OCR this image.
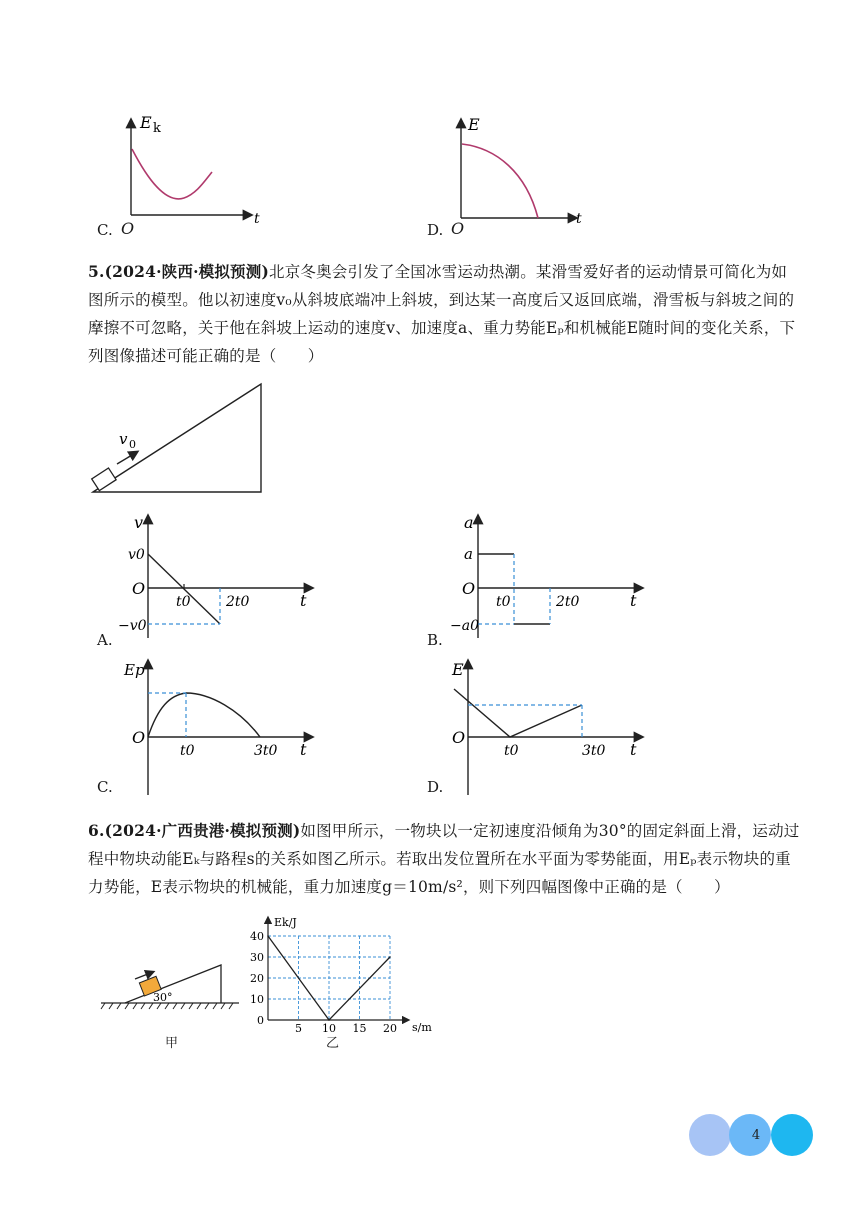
E k
t
C. O
E
t
D. O
5.(2024·陕西·模拟预测)北京冬奥会引发了全国冰雪运动热潮。某滑雪爱好者的运动情景可简化为如图所示的模型。他以初速度v₀从斜坡底端冲上斜坡，到达某一高度后又返回底端，滑雪板与斜坡之间的摩擦不可忽略，关于他在斜坡上运动的速度v、加速度a、重力势能Eₚ和机械能E随时间的变化关系，下列图像描述可能正确的是（　　）
v 0
v
v0
O
t0	2t0	t
−v0
A.
a
a
O
t0	2t0	t
−a0
B.
Ep
O
t0	3t0 t
C.
E
O
t0	3t0 t
D.
6.(2024·广西贵港·模拟预测)如图甲所示，一物块以一定初速度沿倾角为30°的固定斜面上滑，运动过程中物块动能Eₖ与路程s的关系如图乙所示。若取出发位置所在水平面为零势能面，用Eₚ表示物块的重力势能，E表示物块的机械能，重力加速度g＝10m/s²，则下列四幅图像中正确的是（　　）
30°
甲
40
30
20
10
0
5 10 15 20
Ek/J
s/m
乙
4
